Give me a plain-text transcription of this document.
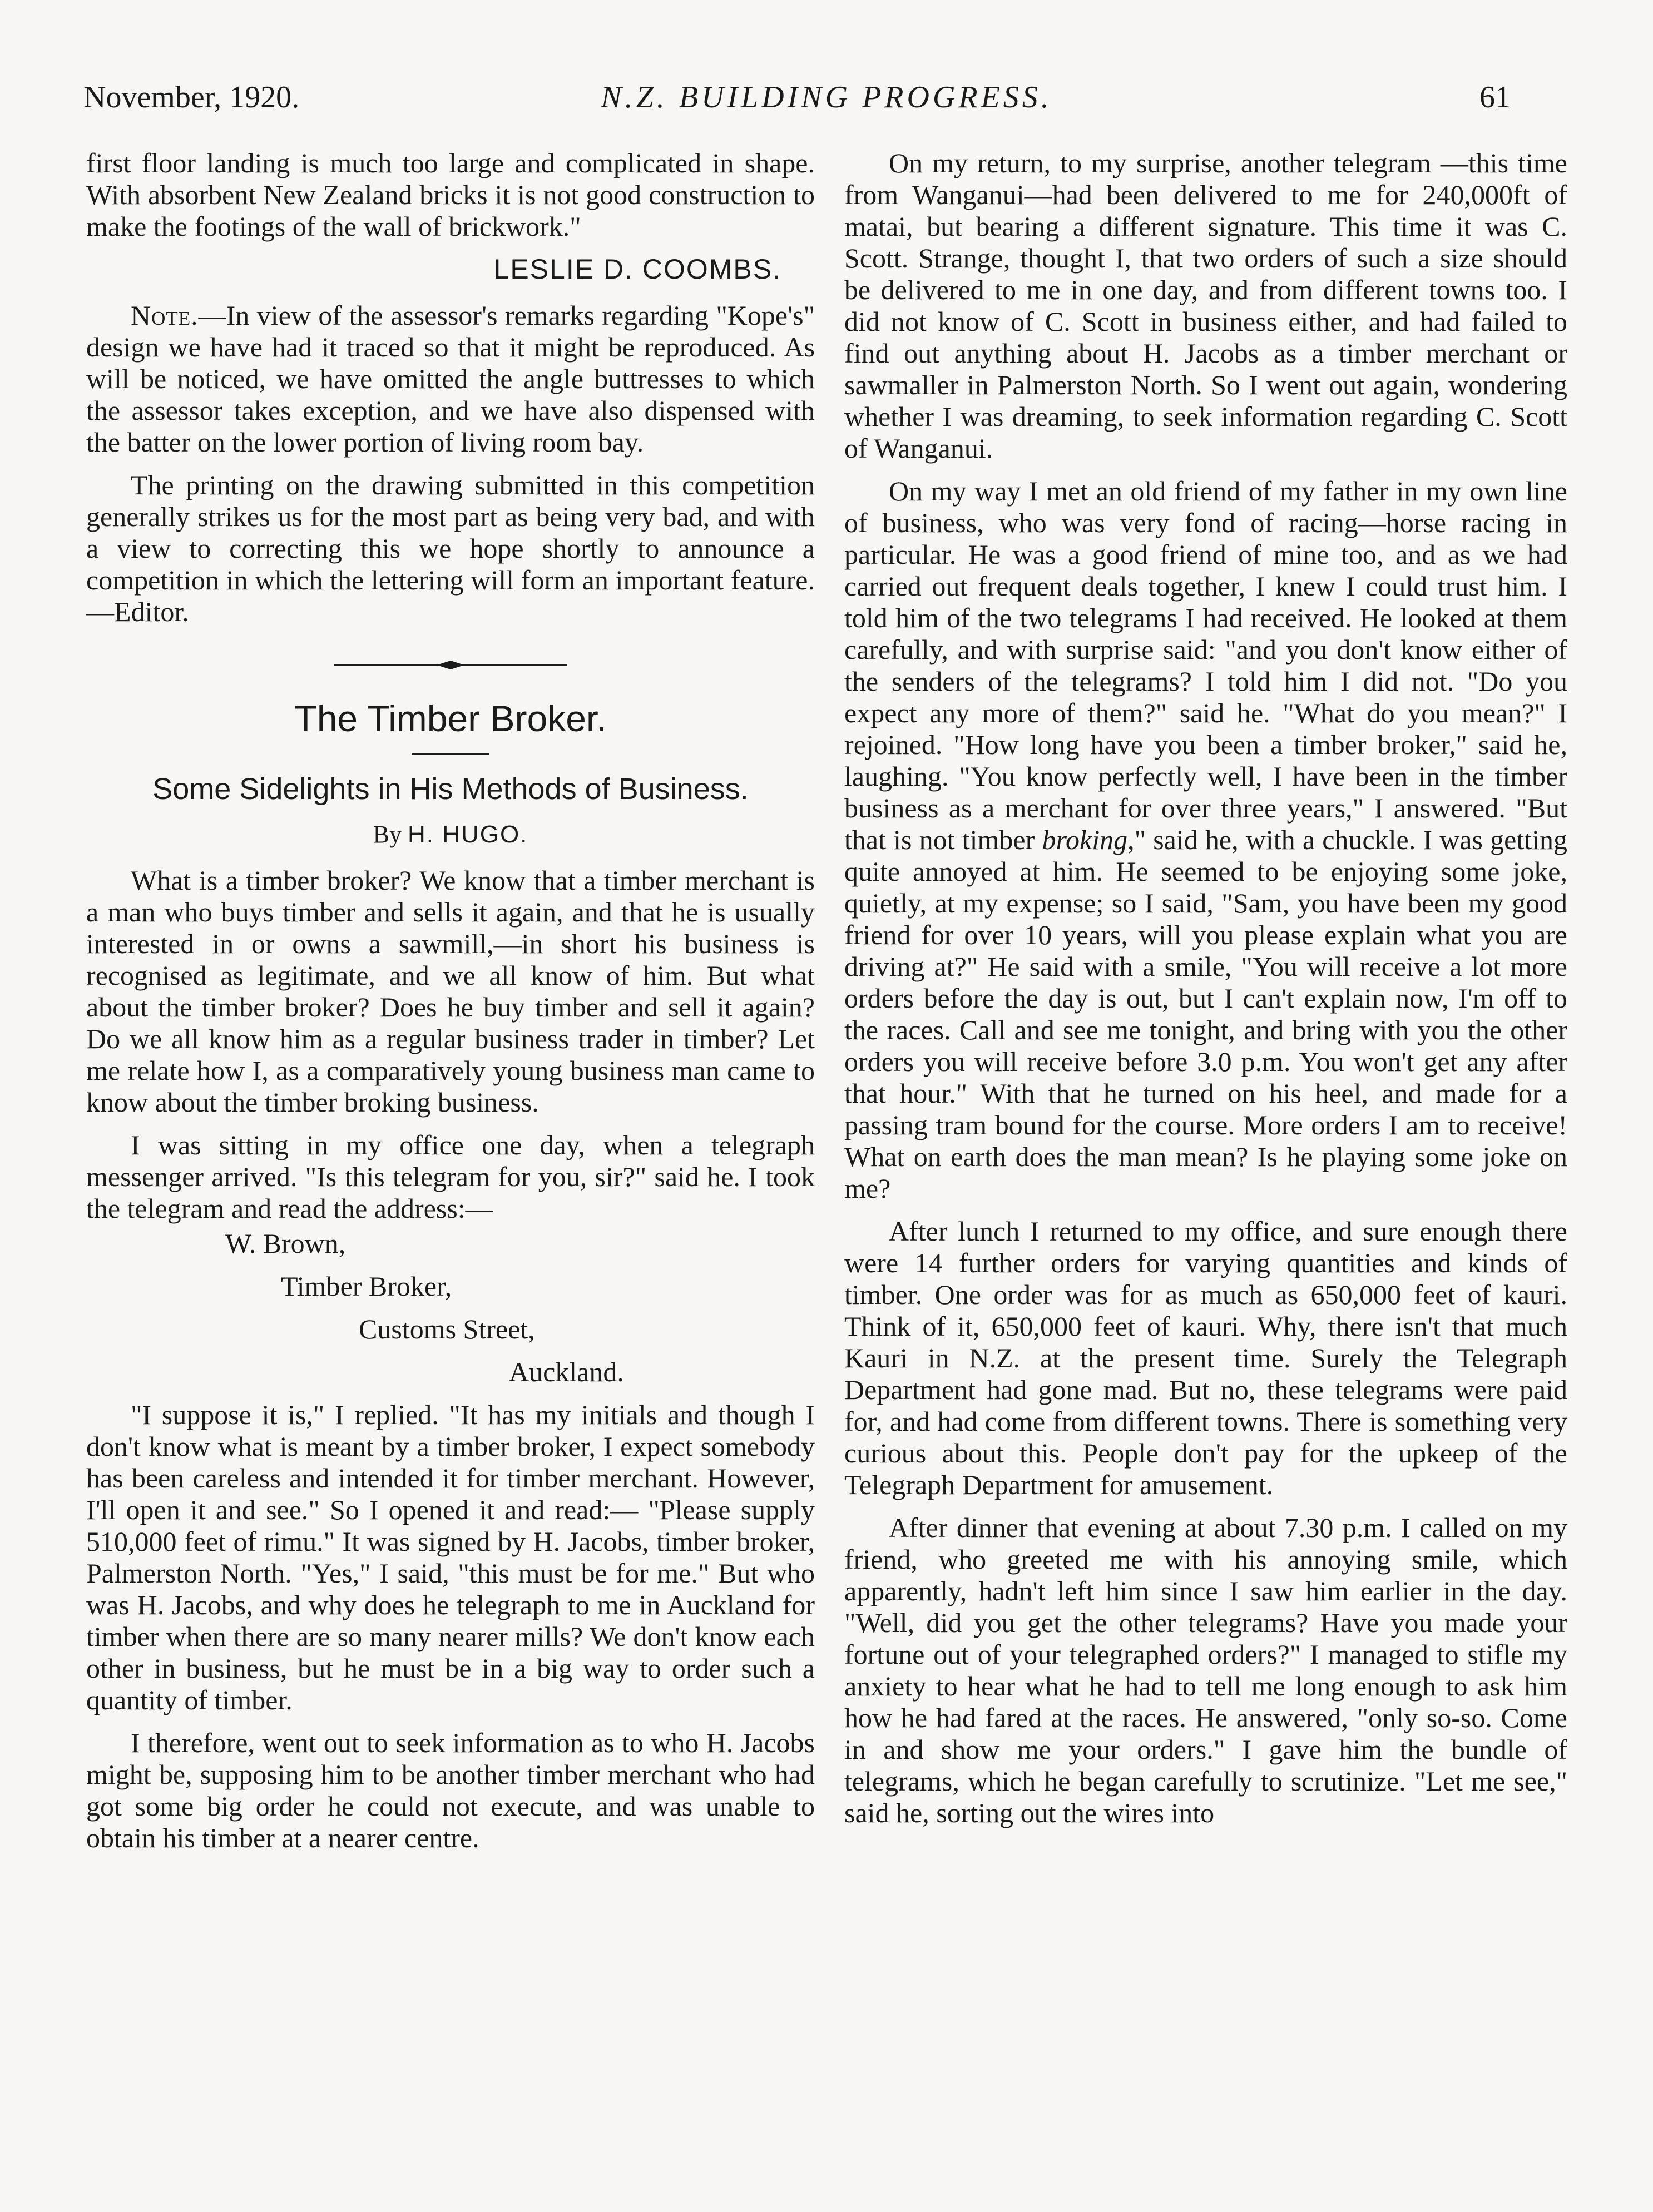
November, 1920.	N.Z. BUILDING PROGRESS.	61

first floor landing is much too large and complicated in shape. With absorbent New Zealand bricks it is not good construction to make the footings of the wall of brickwork."

LESLIE D. COOMBS.

Note.—In view of the assessor's remarks regarding "Kope's" design we have had it traced so that it might be reproduced. As will be noticed, we have omitted the angle buttresses to which the assessor takes exception, and we have also dispensed with the batter on the lower portion of living room bay.

The printing on the drawing submitted in this competition generally strikes us for the most part as being very bad, and with a view to correcting this we hope shortly to announce a competition in which the lettering will form an important feature.—Editor.

The Timber Broker.
Some Sidelights in His Methods of Business.
By H. HUGO.

What is a timber broker? We know that a timber merchant is a man who buys timber and sells it again, and that he is usually interested in or owns a sawmill,—in short his business is recognised as legitimate, and we all know of him. But what about the timber broker? Does he buy timber and sell it again? Do we all know him as a regular business trader in timber? Let me relate how I, as a comparatively young business man came to know about the timber broking business.

I was sitting in my office one day, when a telegraph messenger arrived. "Is this telegram for you, sir?" said he. I took the telegram and read the address:—

W. Brown,

Timber Broker,

Customs Street,

Auckland.

"I suppose it is," I replied. "It has my initials and though I don't know what is meant by a timber broker, I expect somebody has been careless and intended it for timber merchant. However, I'll open it and see." So I opened it and read:— "Please supply 510,000 feet of rimu." It was signed by H. Jacobs, timber broker, Palmerston North. "Yes," I said, "this must be for me." But who was H. Jacobs, and why does he telegraph to me in Auckland for timber when there are so many nearer mills? We don't know each other in business, but he must be in a big way to order such a quantity of timber.

I therefore, went out to seek information as to who H. Jacobs might be, supposing him to be another timber merchant who had got some big order he could not execute, and was unable to obtain his timber at a nearer centre.

On my return, to my surprise, another telegram —this time from Wanganui—had been delivered to me for 240,000ft of matai, but bearing a different signature. This time it was C. Scott. Strange, thought I, that two orders of such a size should be delivered to me in one day, and from different towns too. I did not know of C. Scott in business either, and had failed to find out anything about H. Jacobs as a timber merchant or sawmaller in Palmerston North. So I went out again, wondering whether I was dreaming, to seek information regarding C. Scott of Wanganui.

On my way I met an old friend of my father in my own line of business, who was very fond of racing—horse racing in particular. He was a good friend of mine too, and as we had carried out frequent deals together, I knew I could trust him. I told him of the two telegrams I had received. He looked at them carefully, and with surprise said: "and you don't know either of the senders of the telegrams? I told him I did not. "Do you expect any more of them?" said he. "What do you mean?" I rejoined. "How long have you been a timber broker," said he, laughing. "You know perfectly well, I have been in the timber business as a merchant for over three years," I answered. "But that is not timber broking," said he, with a chuckle. I was getting quite annoyed at him. He seemed to be enjoying some joke, quietly, at my expense; so I said, "Sam, you have been my good friend for over 10 years, will you please explain what you are driving at?" He said with a smile, "You will receive a lot more orders before the day is out, but I can't explain now, I'm off to the races. Call and see me tonight, and bring with you the other orders you will receive before 3.0 p.m. You won't get any after that hour." With that he turned on his heel, and made for a passing tram bound for the course. More orders I am to receive! What on earth does the man mean? Is he playing some joke on me?

After lunch I returned to my office, and sure enough there were 14 further orders for varying quantities and kinds of timber. One order was for as much as 650,000 feet of kauri. Think of it, 650,000 feet of kauri. Why, there isn't that much Kauri in N.Z. at the present time. Surely the Telegraph Department had gone mad. But no, these telegrams were paid for, and had come from different towns. There is something very curious about this. People don't pay for the upkeep of the Telegraph Department for amusement.

After dinner that evening at about 7.30 p.m. I called on my friend, who greeted me with his annoying smile, which apparently, hadn't left him since I saw him earlier in the day. "Well, did you get the other telegrams? Have you made your fortune out of your telegraphed orders?" I managed to stifle my anxiety to hear what he had to tell me long enough to ask him how he had fared at the races. He answered, "only so-so. Come in and show me your orders." I gave him the bundle of telegrams, which he began carefully to scrutinize. "Let me see," said he, sorting out the wires into
